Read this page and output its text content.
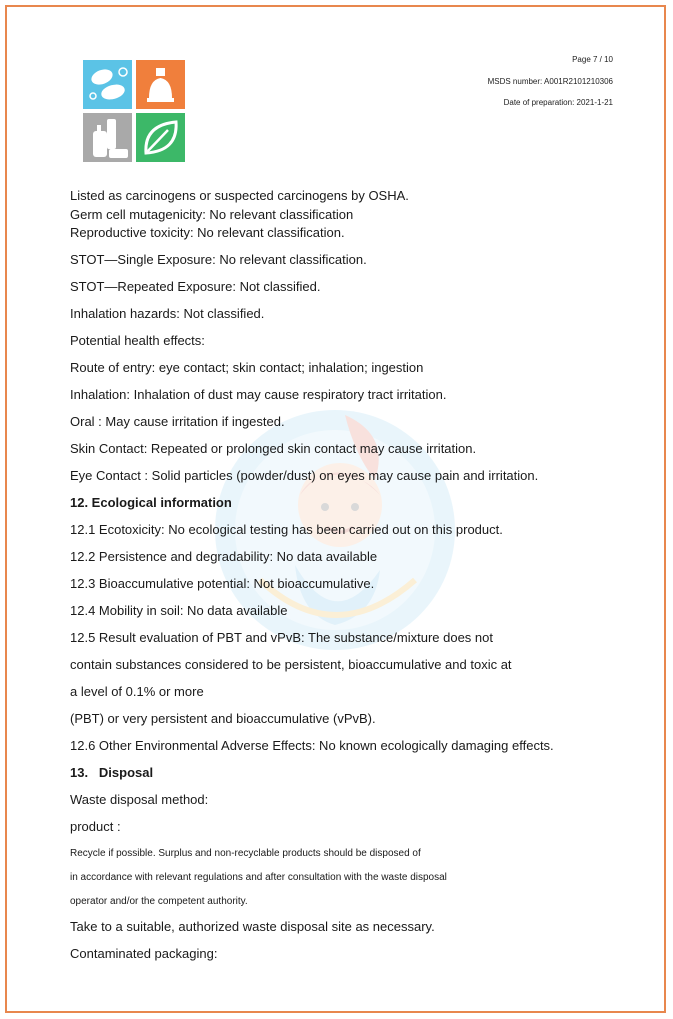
Page 7 / 10
MSDS number: A001R2101210306
Date of preparation: 2021-1-21
Listed as carcinogens or suspected carcinogens by OSHA.
Germ cell mutagenicity: No relevant classification
Reproductive toxicity: No relevant classification.
STOT—Single Exposure: No relevant classification.
STOT—Repeated Exposure: Not classified.
Inhalation hazards: Not classified.
Potential health effects:
Route of entry: eye contact; skin contact; inhalation; ingestion
Inhalation: Inhalation of dust may cause respiratory tract irritation.
Oral : May cause irritation if ingested.
Skin Contact: Repeated or prolonged skin contact may cause irritation.
Eye Contact : Solid particles (powder/dust) on eyes may cause pain and irritation.
12. Ecological information
12.1 Ecotoxicity: No ecological testing has been carried out on this product.
12.2 Persistence and degradability: No data available
12.3 Bioaccumulative potential: Not bioaccumulative.
12.4 Mobility in soil: No data available
12.5 Result evaluation of PBT and vPvB: The substance/mixture does not
contain substances considered to be persistent, bioaccumulative and toxic at
a level of 0.1% or more
(PBT) or very persistent and bioaccumulative (vPvB).
12.6 Other Environmental Adverse Effects: No known ecologically damaging effects.
13.   Disposal
Waste disposal method:
product :
Recycle if possible. Surplus and non-recyclable products should be disposed of
in accordance with relevant regulations and after consultation with the waste disposal
operator and/or the competent authority.
Take to a suitable, authorized waste disposal site as necessary.
Contaminated packaging:
